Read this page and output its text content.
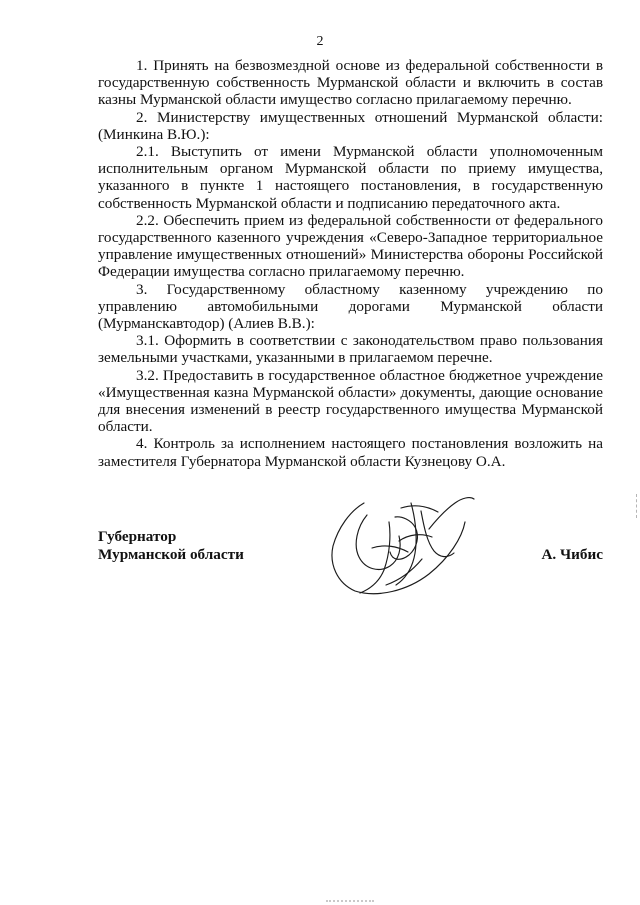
2

1. Принять на безвозмездной основе из федеральной собственности в государственную собственность Мурманской области и включить в состав казны Мурманской области имущество согласно прилагаемому перечню.

2. Министерству имущественных отношений Мурманской области: (Минкина В.Ю.):

2.1. Выступить от имени Мурманской области уполномоченным исполнительным органом Мурманской области по приему имущества, указанного в пункте 1 настоящего постановления, в государственную собственность Мурманской области и подписанию передаточного акта.

2.2. Обеспечить прием из федеральной собственности от федерального государственного казенного учреждения «Северо-Западное территориальное управление имущественных отношений» Министерства обороны Российской Федерации имущества согласно прилагаемому перечню.

3. Государственному областному казенному учреждению по управлению автомобильными дорогами Мурманской области (Мурманскавтодор) (Алиев В.В.):

3.1. Оформить в соответствии с законодательством право пользования земельными участками, указанными в прилагаемом перечне.

3.2. Предоставить в государственное областное бюджетное учреждение «Имущественная казна Мурманской области» документы, дающие основание для внесения изменений в реестр государственного имущества Мурманской области.

4. Контроль за исполнением настоящего постановления возложить на заместителя Губернатора Мурманской области Кузнецову О.А.

Губернатор
Мурманской области	А. Чибис
